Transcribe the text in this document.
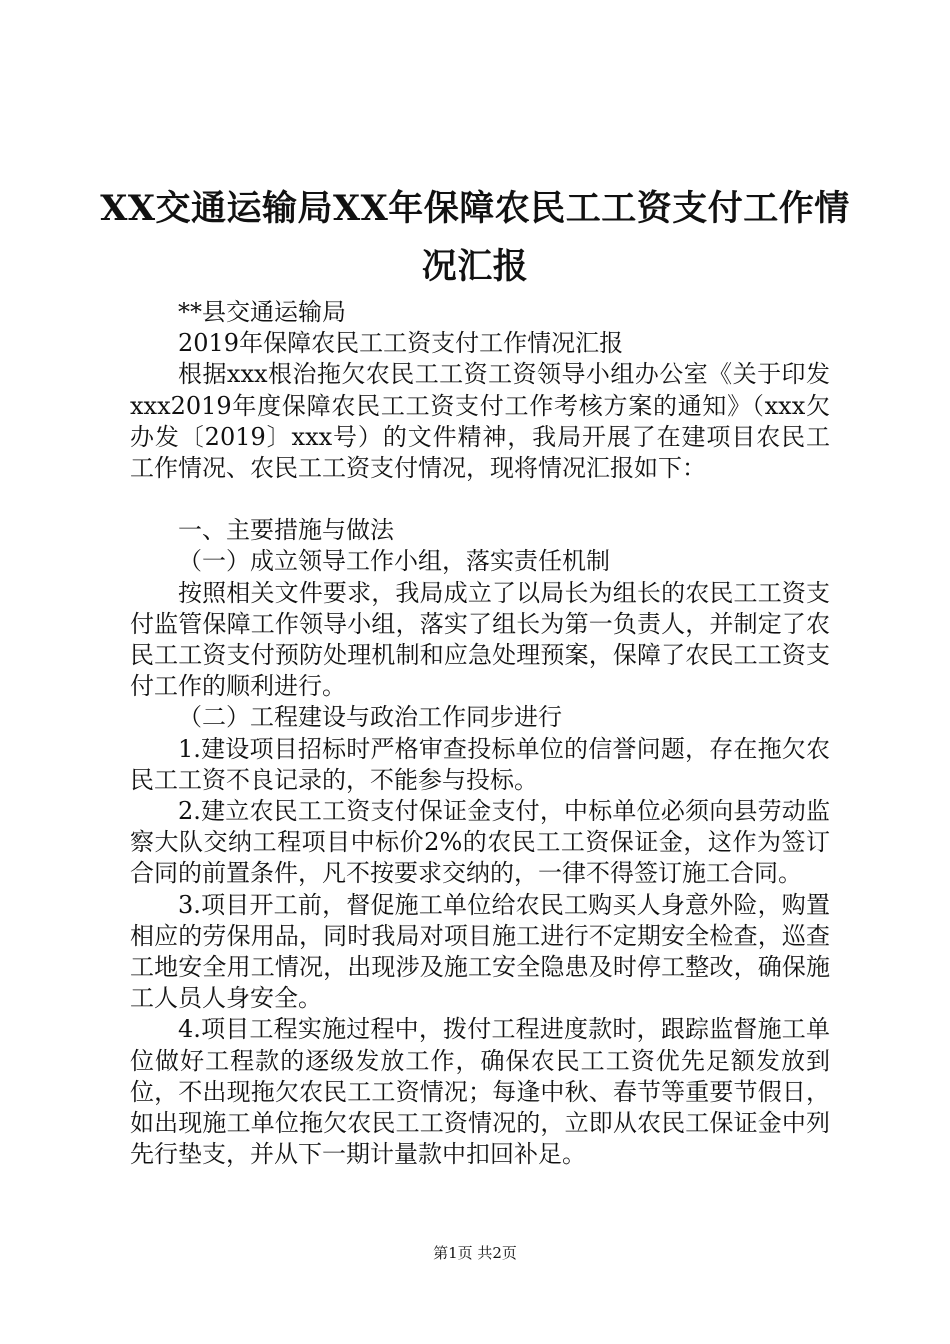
XX交通运输局XX年保障农民工工资支付工作情况汇报

**县交通运输局

2019年保障农民工工资支付工作情况汇报

根据xxx根治拖欠农民工工资工资领导小组办公室《关于印发xxx2019年度保障农民工工资支付工作考核方案的通知》（xxx欠办发〔2019〕xxx号）的文件精神，我局开展了在建项目农民工工作情况、农民工工资支付情况，现将情况汇报如下：

一、主要措施与做法

（一）成立领导工作小组，落实责任机制

按照相关文件要求，我局成立了以局长为组长的农民工工资支付监管保障工作领导小组，落实了组长为第一负责人，并制定了农民工工资支付预防处理机制和应急处理预案，保障了农民工工资支付工作的顺利进行。

（二）工程建设与政治工作同步进行

1.建设项目招标时严格审查投标单位的信誉问题，存在拖欠农民工工资不良记录的，不能参与投标。

2.建立农民工工资支付保证金支付，中标单位必须向县劳动监察大队交纳工程项目中标价2%的农民工工资保证金，这作为签订合同的前置条件，凡不按要求交纳的，一律不得签订施工合同。

3.项目开工前，督促施工单位给农民工购买人身意外险，购置相应的劳保用品，同时我局对项目施工进行不定期安全检查，巡查工地安全用工情况，出现涉及施工安全隐患及时停工整改，确保施工人员人身安全。

4.项目工程实施过程中，拨付工程进度款时，跟踪监督施工单位做好工程款的逐级发放工作，确保农民工工资优先足额发放到位，不出现拖欠农民工工资情况；每逢中秋、春节等重要节假日，如出现施工单位拖欠农民工工资情况的，立即从农民工保证金中列先行垫支，并从下一期计量款中扣回补足。

第1页 共2页
